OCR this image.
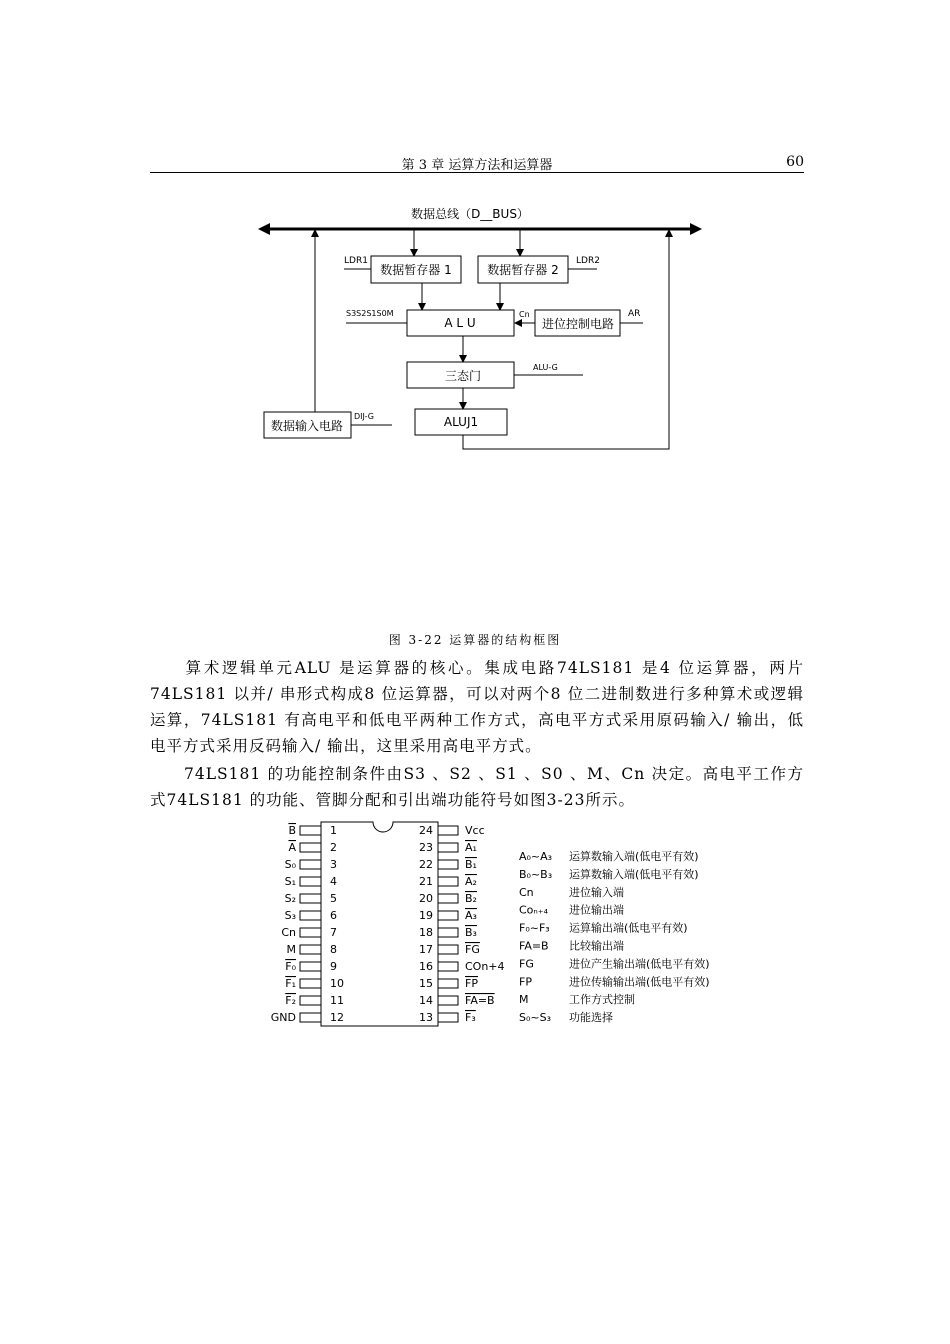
第 3 章 运算方法和运算器	60
数据总线（D__BUS）
数据暂存器 1
LDR1
数据暂存器 2
LDR2
A L U
S3S2S1S0M	Cn
进位控制电路
AR
三态门
ALU-G
ALUJ1
数据输入电路
DIJ-G
图 3-22 运算器的结构框图
算术逻辑单元ALU 是运算器的核心。集成电路74LS181 是4 位运算器，两片74LS181 以并/ 串形式构成8 位运算器，可以对两个8 位二进制数进行多种算术或逻辑运算，74LS181 有高电平和低电平两种工作方式，高电平方式采用原码输入/ 输出，低电平方式采用反码输入/ 输出，这里采用高电平方式。
74LS181 的功能控制条件由S3 、S2 、S1 、S0 、M、Cn 决定。高电平工作方式74LS181 的功能、管脚分配和引出端功能符号如图3-23所示。
B	1
A	2
S₀	3
S₁	4
S₂	5
S₃	6
Cn	7
M	8
F₀	9
F₁	10
F₂	11
GND	12
24	Vcc
23	A₁
22	B₁
21	A₂
20	B₂
19	A₃
18	B₃
17	FG
16	COn+4
15	FP
14	FA=B
13	F₃
A₀~A₃ 运算数输入端(低电平有效)
B₀~B₃ 运算数输入端(低电平有效)
Cn	进位输入端
Coₙ₊₄ 进位输出端
F₀~F₃ 运算输出端(低电平有效)
FA=B 比较输出端
FG	进位产生输出端(低电平有效)
FP	进位传输输出端(低电平有效)
M	工作方式控制
S₀~S₃ 功能选择
